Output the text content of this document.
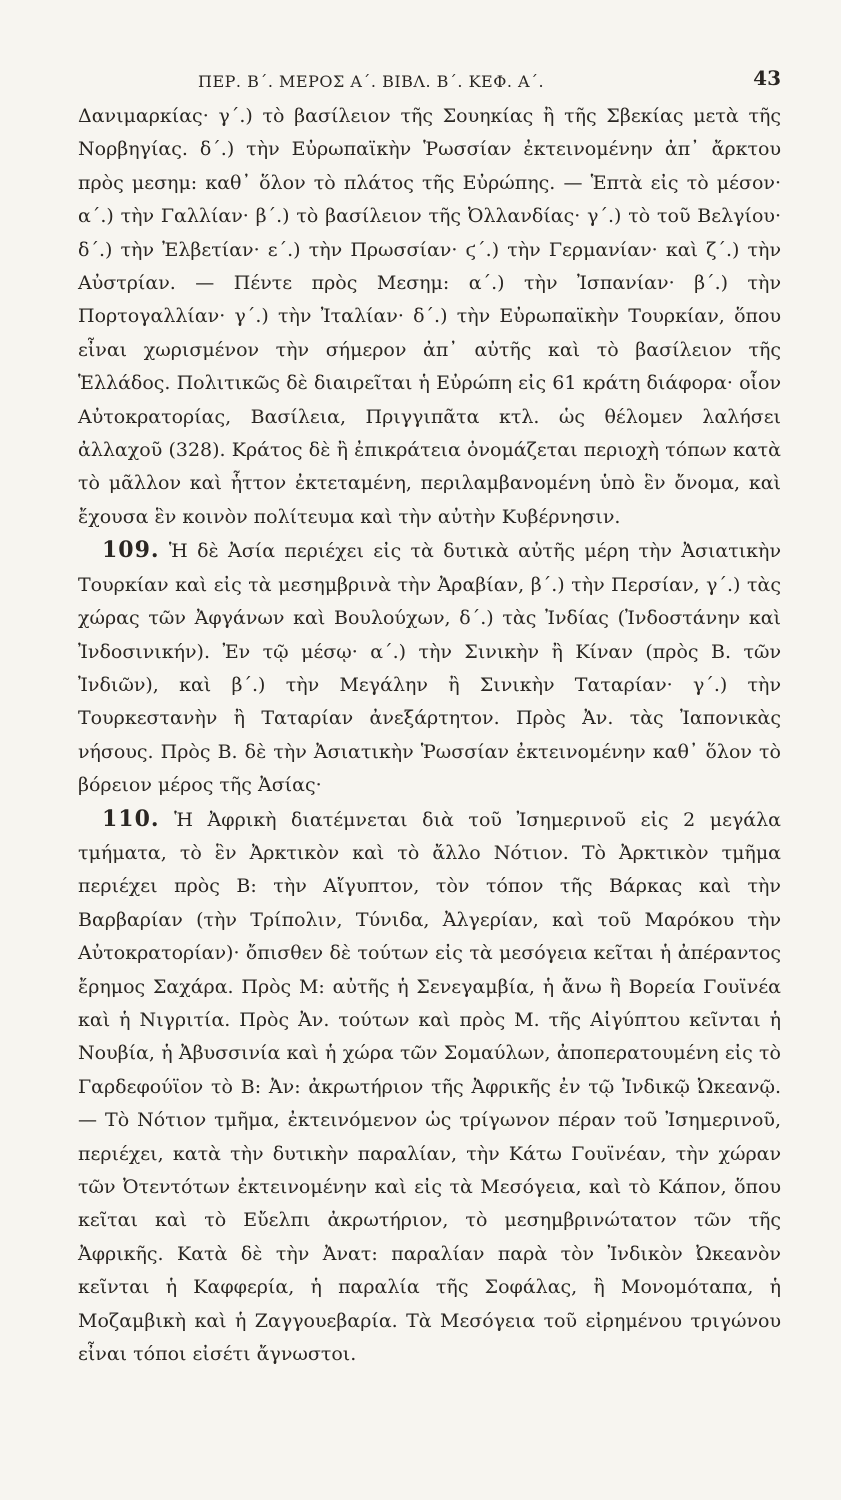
ΠΕΡ. Β΄. ΜΕΡΟΣ Α΄. ΒΙΒΛ. Β΄. ΚΕΦ. Α΄.	43

Δανιμαρκίας· γ΄.) τὸ βασίλειον τῆς Σουηκίας ἢ τῆς Σβεκίας μετὰ τῆς Νορβηγίας. δ΄.) τὴν Εὐρωπαϊκὴν Ῥωσσίαν ἐκτεινομένην ἀπ᾽ ἄρκτου πρὸς μεσημ: καθ᾽ ὅλον τὸ πλάτος τῆς Εὐρώπης. — Ἑπτὰ εἰς τὸ μέσον· α΄.) τὴν Γαλλίαν· β΄.) τὸ βασίλειον τῆς Ὀλλανδίας· γ΄.) τὸ τοῦ Βελγίου· δ΄.) τὴν Ἐλβετίαν· ε΄.) τὴν Πρωσσίαν· ϛ΄.) τὴν Γερμανίαν· καὶ ζ΄.) τὴν Αὐστρίαν. — Πέντε πρὸς Μεσημ: α΄.) τὴν Ἰσπανίαν· β΄.) τὴν Πορτογαλλίαν· γ΄.) τὴν Ἰταλίαν· δ΄.) τὴν Εὐρωπαϊκὴν Τουρκίαν, ὅπου εἶναι χωρισμένον τὴν σήμερον ἀπ᾽ αὐτῆς καὶ τὸ βασίλειον τῆς Ἑλλάδος. Πολιτικῶς δὲ διαιρεῖται ἡ Εὐρώπη εἰς 61 κράτη διάφορα· οἷον Αὐτοκρατορίας, Βασίλεια, Πριγγιπᾶτα κτλ. ὡς θέλομεν λαλήσει ἀλλαχοῦ (328). Κράτος δὲ ἢ ἐπικράτεια ὀνομάζεται περιοχὴ τόπων κατὰ τὸ μᾶλλον καὶ ἧττον ἐκτεταμένη, περιλαμβανομένη ὑπὸ ἓν ὄνομα, καὶ ἔχουσα ἓν κοινὸν πολίτευμα καὶ τὴν αὐτὴν Κυβέρνησιν.

109. Ἡ δὲ Ἀσία περιέχει εἰς τὰ δυτικὰ αὐτῆς μέρη τὴν Ἀσιατικὴν Τουρκίαν καὶ εἰς τὰ μεσημβρινὰ τὴν Ἀραβίαν, β΄.) τὴν Περσίαν, γ΄.) τὰς χώρας τῶν Ἀφγάνων καὶ Βουλούχων, δ΄.) τὰς Ἰνδίας (Ἰνδοστάνην καὶ Ἰνδοσινικήν). Ἐν τῷ μέσῳ· α΄.) τὴν Σινικὴν ἢ Κίναν (πρὸς Β. τῶν Ἰνδιῶν), καὶ β΄.) τὴν Μεγάλην ἢ Σινικὴν Ταταρίαν· γ΄.) τὴν Τουρκεστανὴν ἢ Ταταρίαν ἀνεξάρτητον. Πρὸς Ἀν. τὰς Ἰαπονικὰς νήσους. Πρὸς Β. δὲ τὴν Ἀσιατικὴν Ῥωσσίαν ἐκτεινομένην καθ᾽ ὅλον τὸ βόρειον μέρος τῆς Ἀσίας·

110. Ἡ Ἀφρικὴ διατέμνεται διὰ τοῦ Ἰσημερινοῦ εἰς 2 μεγάλα τμήματα, τὸ ἓν Ἀρκτικὸν καὶ τὸ ἄλλο Νότιον. Τὸ Ἀρκτικὸν τμῆμα περιέχει πρὸς Β: τὴν Αἴγυπτον, τὸν τόπον τῆς Βάρκας καὶ τὴν Βαρβαρίαν (τὴν Τρίπολιν, Τύνιδα, Ἀλγερίαν, καὶ τοῦ Μαρόκου τὴν Αὐτοκρατορίαν)· ὄπισθεν δὲ τούτων εἰς τὰ μεσόγεια κεῖται ἡ ἀπέραντος ἔρημος Σαχάρα. Πρὸς Μ: αὐτῆς ἡ Σενεγαμβία, ἡ ἄνω ἢ Βορεία Γουϊνέα καὶ ἡ Νιγριτία. Πρὸς Ἀν. τούτων καὶ πρὸς Μ. τῆς Αἰγύπτου κεῖνται ἡ Νουβία, ἡ Ἀβυσσινία καὶ ἡ χώρα τῶν Σομαύλων, ἀποπερατουμένη εἰς τὸ Γαρδεφούϊον τὸ Β: Ἀν: ἀκρωτήριον τῆς Ἀφρικῆς ἐν τῷ Ἰνδικῷ Ὠκεανῷ. — Τὸ Νότιον τμῆμα, ἐκτεινόμενον ὡς τρίγωνον πέραν τοῦ Ἰσημερινοῦ, περιέχει, κατὰ τὴν δυτικὴν παραλίαν, τὴν Κάτω Γουϊνέαν, τὴν χώραν τῶν Ὀτεντότων ἐκτεινομένην καὶ εἰς τὰ Μεσόγεια, καὶ τὸ Κάπον, ὅπου κεῖται καὶ τὸ Εὔελπι ἀκρωτήριον, τὸ μεσημβρινώτατον τῶν τῆς Ἀφρικῆς. Κατὰ δὲ τὴν Ἀνατ: παραλίαν παρὰ τὸν Ἰνδικὸν Ὠκεανὸν κεῖνται ἡ Καφφερία, ἡ παραλία τῆς Σοφάλας, ἢ Μονομόταπα, ἡ Μοζαμβικὴ καὶ ἡ Ζαγγουεβαρία. Τὰ Μεσόγεια τοῦ εἰρημένου τριγώνου εἶναι τόποι εἰσέτι ἄγνωστοι.
